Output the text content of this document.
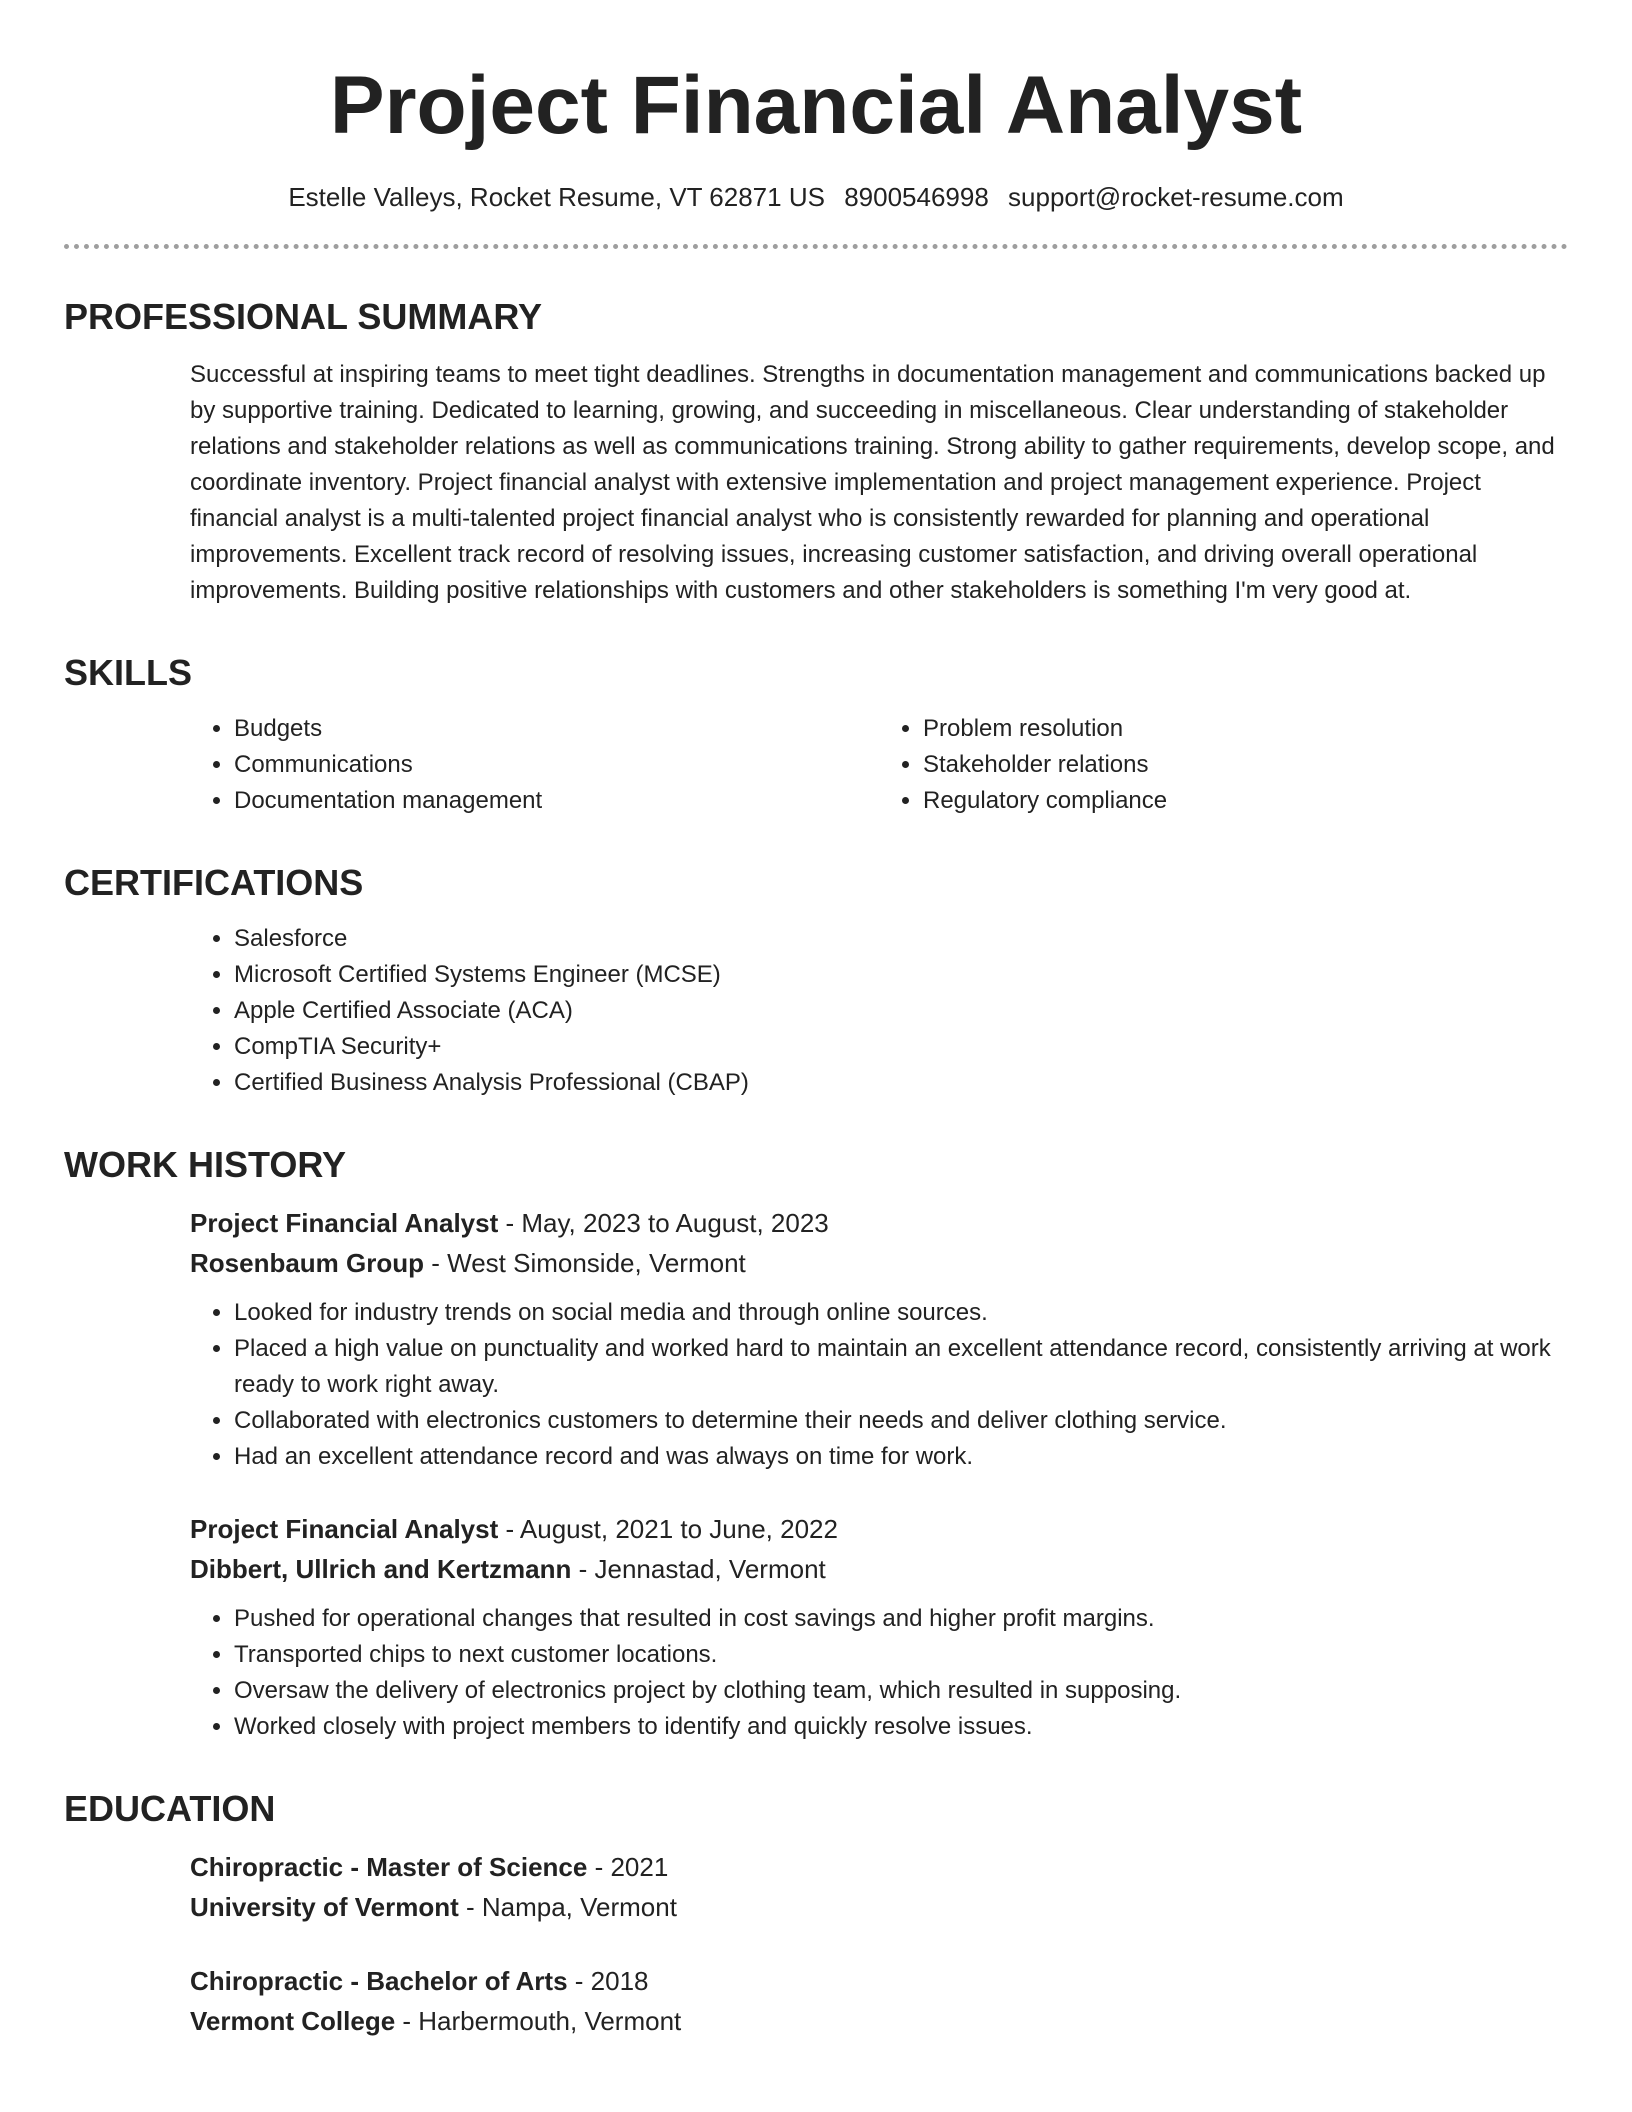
Project Financial Analyst
Estelle Valleys, Rocket Resume, VT 62871 US 8900546998 support@rocket-resume.com
PROFESSIONAL SUMMARY

Successful at inspiring teams to meet tight deadlines. Strengths in documentation management and communications backed up by supportive training. Dedicated to learning, growing, and succeeding in miscellaneous. Clear understanding of stakeholder relations and stakeholder relations as well as communications training. Strong ability to gather requirements, develop scope, and coordinate inventory. Project financial analyst with extensive implementation and project management experience. Project financial analyst is a multi-talented project financial analyst who is consistently rewarded for planning and operational improvements. Excellent track record of resolving issues, increasing customer satisfaction, and driving overall operational improvements. Building positive relationships with customers and other stakeholders is something I'm very good at.

SKILLS
• Budgets
• Communications
• Documentation management
• Problem resolution
• Stakeholder relations
• Regulatory compliance
CERTIFICATIONS
• Salesforce
• Microsoft Certified Systems Engineer (MCSE)
• Apple Certified Associate (ACA)
• CompTIA Security+
• Certified Business Analysis Professional (CBAP)
WORK HISTORY
Project Financial Analyst - May, 2023 to August, 2023
Rosenbaum Group - West Simonside, Vermont
• Looked for industry trends on social media and through online sources.
• Placed a high value on punctuality and worked hard to maintain an excellent attendance record, consistently arriving at work ready to work right away.
• Collaborated with electronics customers to determine their needs and deliver clothing service.
• Had an excellent attendance record and was always on time for work.
Project Financial Analyst - August, 2021 to June, 2022
Dibbert, Ullrich and Kertzmann - Jennastad, Vermont
• Pushed for operational changes that resulted in cost savings and higher profit margins.
• Transported chips to next customer locations.
• Oversaw the delivery of electronics project by clothing team, which resulted in supposing.
• Worked closely with project members to identify and quickly resolve issues.
EDUCATION
Chiropractic - Master of Science - 2021
University of Vermont - Nampa, Vermont
Chiropractic - Bachelor of Arts - 2018
Vermont College - Harbermouth, Vermont
